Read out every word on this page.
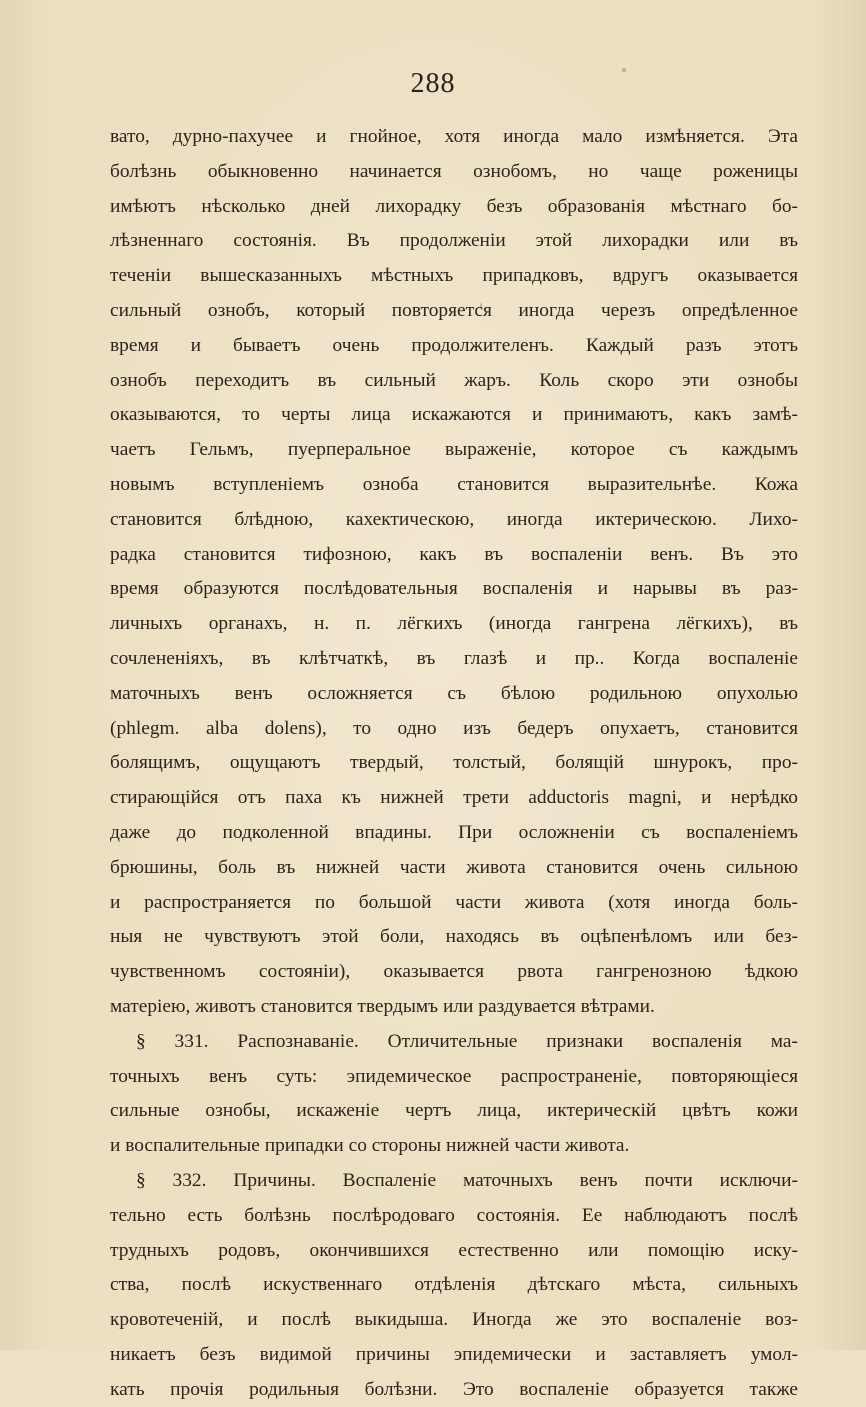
288
вато, дурно-пахучее и гнойное, хотя иногда мало измѣняется. Эта
болѣзнь обыкновенно начинается ознобомъ, но чаще роженицы
имѣютъ нѣсколько дней лихорадку безъ образованія мѣстнаго бо-
лѣзненнаго состоянія. Въ продолженіи этой лихорадки или въ
теченіи вышесказанныхъ мѣстныхъ припадковъ, вдругъ оказывается
сильный ознобъ, который повторяется иногда черезъ опредѣленное
время и бываетъ очень продолжителенъ. Каждый разъ этотъ
ознобъ переходитъ въ сильный жаръ. Коль скоро эти ознобы
оказываются, то черты лица искажаются и принимаютъ, какъ замѣ-
чаетъ Гельмъ, пуерперальное выраженіе, которое съ каждымъ
новымъ вступленіемъ озноба становится выразительнѣе. Кожа
становится блѣдною, кахектическою, иногда иктерическою. Лихо-
радка становится тифозною, какъ въ воспаленіи венъ. Въ это
время образуются послѣдовательныя воспаленія и нарывы въ раз-
личныхъ органахъ, н. п. лёгкихъ (иногда гангрена лёгкихъ), въ
сочлененіяхъ, въ клѣтчаткѣ, въ глазѣ и пр.. Когда воспаленіе
маточныхъ венъ осложняется съ бѣлою родильною опухолью
(phlegm. alba dolens), то одно изъ бедеръ опухаетъ, становится
болящимъ, ощущаютъ твердый, толстый, болящій шнурокъ, про-
стирающійся отъ паха къ нижней трети adductoris magni, и нерѣдко
даже до подколенной впадины. При осложненіи съ воспаленіемъ
брюшины, боль въ нижней части живота становится очень сильною
и распространяется по большой части живота (хотя иногда боль-
ныя не чувствуютъ этой боли, находясь въ оцѣпенѣломъ или без-
чувственномъ состояніи), оказывается рвота гангренозною ѣдкою
матеріею, животъ становится твердымъ или раздувается вѣтрами.
§ 331. Распознаваніе. Отличительные признаки воспаленія ма-
точныхъ венъ суть: эпидемическое распространеніе, повторяющіеся
сильные ознобы, искаженіе чертъ лица, иктерическій цвѣтъ кожи
и воспалительные припадки со стороны нижней части живота.
§ 332. Причины. Воспаленіе маточныхъ венъ почти исключи-
тельно есть болѣзнь послѣродоваго состоянія. Ее наблюдаютъ послѣ
трудныхъ родовъ, окончившихся естественно или помощію иску-
ства, послѣ искуственнаго отдѣленія дѣтскаго мѣста, сильныхъ
кровотеченій, и послѣ выкидыша. Иногда же это воспаленіе воз-
никаетъ безъ видимой причины эпидемически и заставляетъ умол-
кать прочія родильныя болѣзни. Это воспаленіе образуется также
